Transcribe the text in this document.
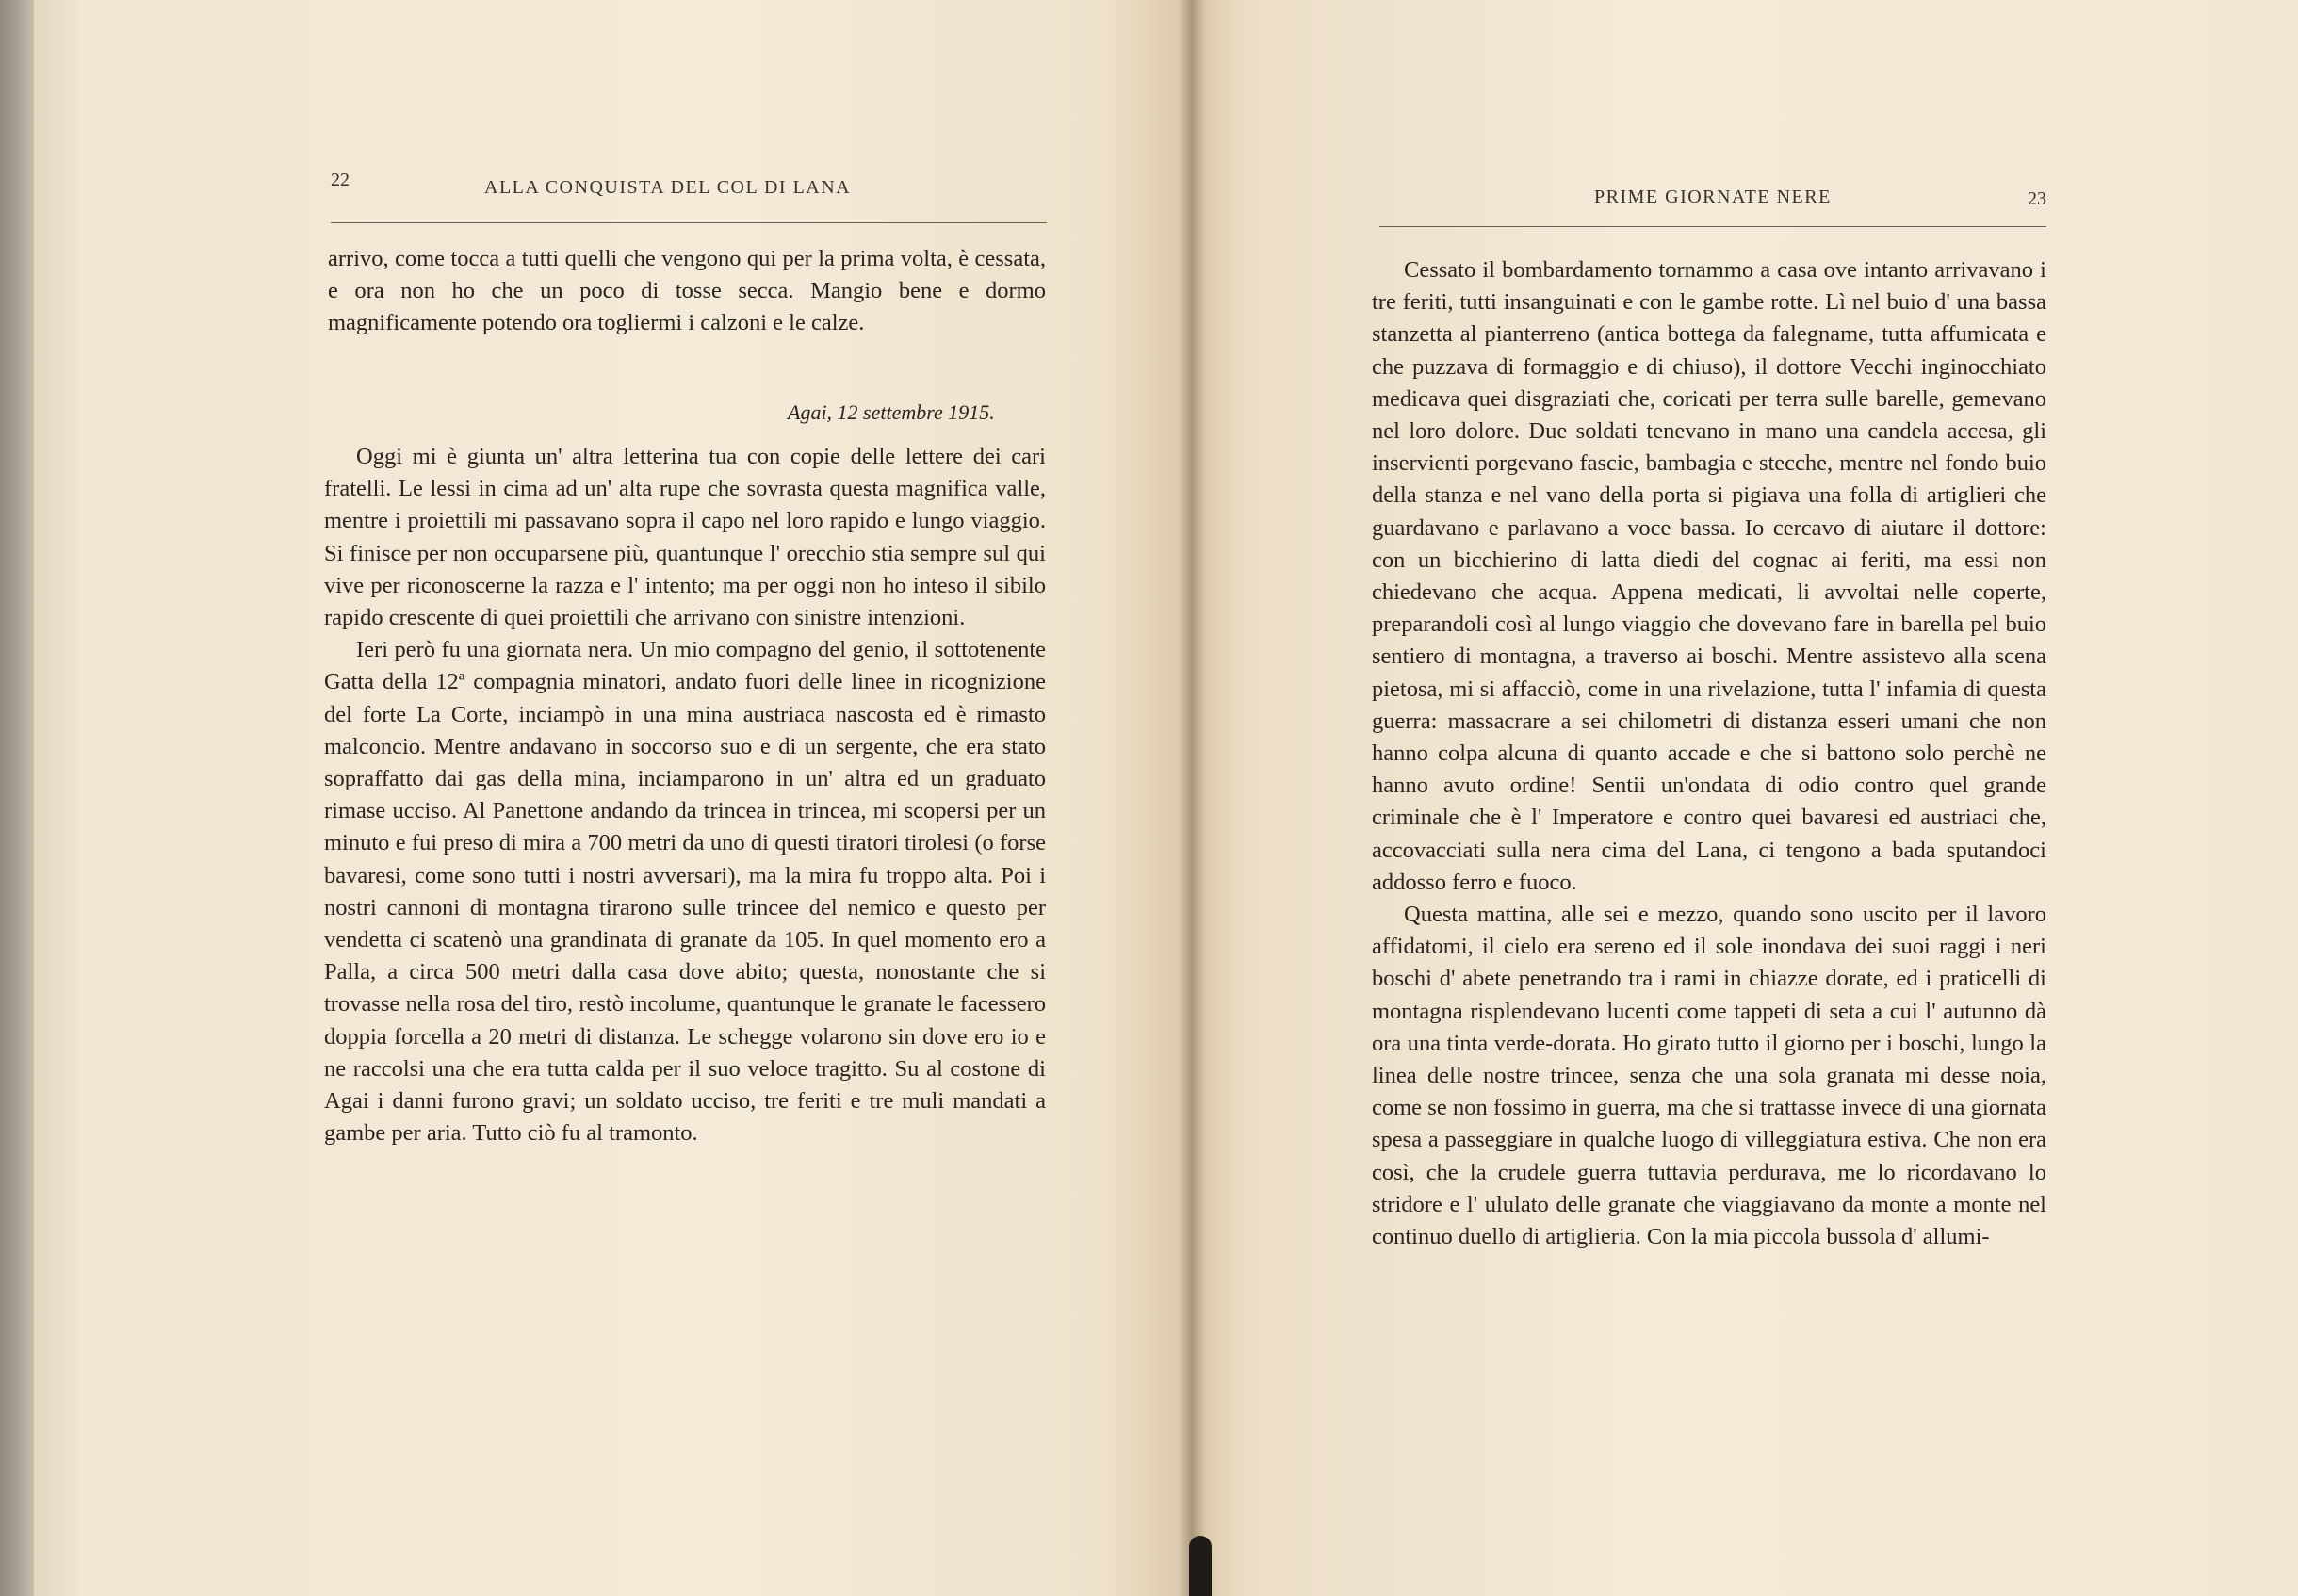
22	ALLA CONQUISTA DEL COL DI LANA

arrivo, come tocca a tutti quelli che vengono qui per la prima volta, è cessata, e ora non ho che un poco di tosse secca. Mangio bene e dormo magnificamente potendo ora togliermi i calzoni e le calze.

Agai, 12 settembre 1915.

Oggi mi è giunta un' altra letterina tua con copie delle lettere dei cari fratelli. Le lessi in cima ad un' alta rupe che sovrasta questa magnifica valle, mentre i proiettili mi passavano sopra il capo nel loro rapido e lungo viaggio. Si finisce per non occuparsene più, quantunque l' orecchio stia sempre sul qui vive per riconoscerne la razza e l' intento; ma per oggi non ho inteso il sibilo rapido crescente di quei proiettili che arrivano con sinistre intenzioni.

Ieri però fu una giornata nera. Un mio compagno del genio, il sottotenente Gatta della 12ª compagnia minatori, andato fuori delle linee in ricognizione del forte La Corte, inciampò in una mina austriaca nascosta ed è rimasto malconcio. Mentre andavano in soccorso suo e di un sergente, che era stato sopraffatto dai gas della mina, inciamparono in un' altra ed un graduato rimase ucciso. Al Panettone andando da trincea in trincea, mi scopersi per un minuto e fui preso di mira a 700 metri da uno di questi tiratori tirolesi (o forse bavaresi, come sono tutti i nostri avversari), ma la mira fu troppo alta. Poi i nostri cannoni di montagna tirarono sulle trincee del nemico e questo per vendetta ci scatenò una grandinata di granate da 105. In quel momento ero a Palla, a circa 500 metri dalla casa dove abito; questa, nonostante che si trovasse nella rosa del tiro, restò incolume, quantunque le granate le facessero doppia forcella a 20 metri di distanza. Le schegge volarono sin dove ero io e ne raccolsi una che era tutta calda per il suo veloce tragitto. Su al costone di Agai i danni furono gravi; un soldato ucciso, tre feriti e tre muli mandati a gambe per aria. Tutto ciò fu al tramonto.

PRIME GIORNATE NERE	23

Cessato il bombardamento tornammo a casa ove intanto arrivavano i tre feriti, tutti insanguinati e con le gambe rotte. Lì nel buio d' una bassa stanzetta al pianterreno (antica bottega da falegname, tutta affumicata e che puzzava di formaggio e di chiuso), il dottore Vecchi inginocchiato medicava quei disgraziati che, coricati per terra sulle barelle, gemevano nel loro dolore. Due soldati tenevano in mano una candela accesa, gli inservienti porgevano fascie, bambagia e stecche, mentre nel fondo buio della stanza e nel vano della porta si pigiava una folla di artiglieri che guardavano e parlavano a voce bassa. Io cercavo di aiutare il dottore: con un bicchierino di latta diedi del cognac ai feriti, ma essi non chiedevano che acqua. Appena medicati, li avvoltai nelle coperte, preparandoli così al lungo viaggio che dovevano fare in barella pel buio sentiero di montagna, a traverso ai boschi. Mentre assistevo alla scena pietosa, mi si affacciò, come in una rivelazione, tutta l' infamia di questa guerra: massacrare a sei chilometri di distanza esseri umani che non hanno colpa alcuna di quanto accade e che si battono solo perchè ne hanno avuto ordine! Sentii un'ondata di odio contro quel grande criminale che è l' Imperatore e contro quei bavaresi ed austriaci che, accovacciati sulla nera cima del Lana, ci tengono a bada sputandoci addosso ferro e fuoco.

Questa mattina, alle sei e mezzo, quando sono uscito per il lavoro affidatomi, il cielo era sereno ed il sole inondava dei suoi raggi i neri boschi d' abete penetrando tra i rami in chiazze dorate, ed i praticelli di montagna risplendevano lucenti come tappeti di seta a cui l' autunno dà ora una tinta verde-dorata. Ho girato tutto il giorno per i boschi, lungo la linea delle nostre trincee, senza che una sola granata mi desse noia, come se non fossimo in guerra, ma che si trattasse invece di una giornata spesa a passeggiare in qualche luogo di villeggiatura estiva. Che non era così, che la crudele guerra tuttavia perdurava, me lo ricordavano lo stridore e l' ululato delle granate che viaggiavano da monte a monte nel continuo duello di artiglieria. Con la mia piccola bussola d' allumi-
